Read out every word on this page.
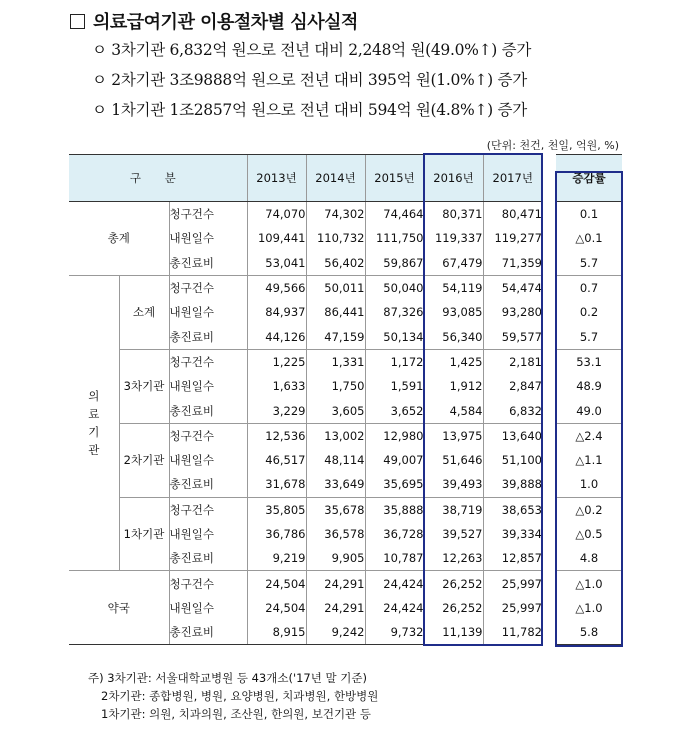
의료급여기관 이용절차별 심사실적
ㅇ 3차기관 6,832억 원으로 전년 대비 2,248억 원(49.0%↑) 증가
ㅇ 2차기관 3조9888억 원으로 전년 대비 395억 원(1.0%↑) 증가
ㅇ 1차기관 1조2857억 원으로 전년 대비 594억 원(4.8%↑) 증가
(단위: 천건, 천일, 억원, %)
구 분			2013년	2014년	2015년	2016년	2017년		증감률
총계		청구건수	74,070	74,302	74,464	80,371	80,471		0.1
		내원일수	109,441	110,732	111,750	119,337	119,277		△0.1
		총진료비	53,041	56,402	59,867	67,479	71,359		5.7

의
료
기
관	소계	청구건수	49,566	50,011	50,040	54,119	54,474		0.7
		내원일수	84,937	86,441	87,326	93,085	93,280		0.2
		총진료비	44,126	47,159	50,134	56,340	59,577		5.7
	3차기관	청구건수	1,225	1,331	1,172	1,425	2,181		53.1
		내원일수	1,633	1,750	1,591	1,912	2,847		48.9
		총진료비	3,229	3,605	3,652	4,584	6,832		49.0
	2차기관	청구건수	12,536	13,002	12,980	13,975	13,640		△2.4
		내원일수	46,517	48,114	49,007	51,646	51,100		△1.1
		총진료비	31,678	33,649	35,695	39,493	39,888		1.0
	1차기관	청구건수	35,805	35,678	35,888	38,719	38,653		△0.2
		내원일수	36,786	36,578	36,728	39,527	39,334		△0.5
		총진료비	9,219	9,905	10,787	12,263	12,857		4.8
약국		청구건수	24,504	24,291	24,424	26,252	25,997		△1.0
		내원일수	24,504	24,291	24,424	26,252	25,997		△1.0
		총진료비	8,915	9,242	9,732	11,139	11,782		5.8
주) 3차기관: 서울대학교병원 등 43개소('17년 말 기준)
2차기관: 종합병원, 병원, 요양병원, 치과병원, 한방병원
1차기관: 의원, 치과의원, 조산원, 한의원, 보건기관 등
